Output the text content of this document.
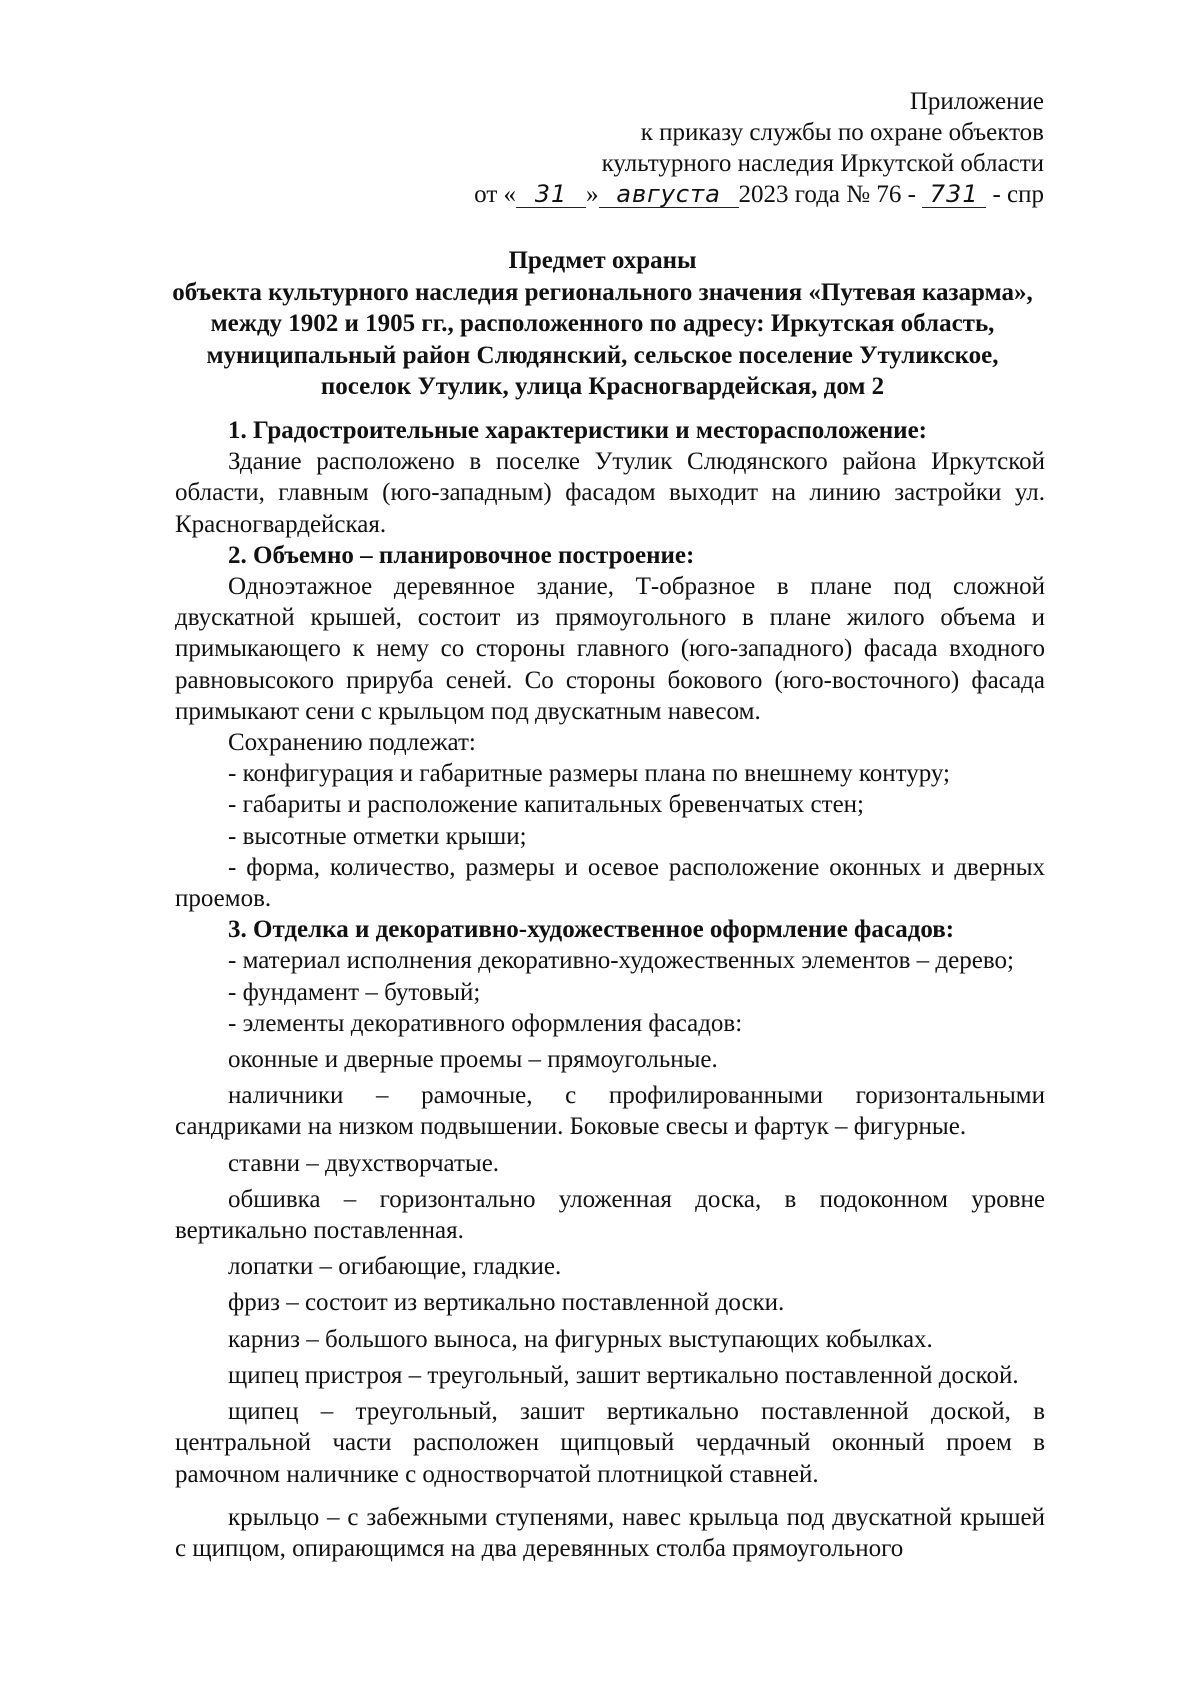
Приложение
к приказу службы по охране объектов
культурного наследия Иркутской области
от « 31 » августа 2023 года № 76 - 731 - спр
Предмет охраны
объекта культурного наследия регионального значения «Путевая казарма», между 1902 и 1905 гг., расположенного по адресу: Иркутская область, муниципальный район Слюдянский, сельское поселение Утуликское, поселок Утулик, улица Красногвардейская, дом 2

1. Градостроительные характеристики и месторасположение:

Здание расположено в поселке Утулик Слюдянского района Иркутской области, главным (юго-западным) фасадом выходит на линию застройки ул. Красногвардейская.

2. Объемно – планировочное построение:

Одноэтажное деревянное здание, Т-образное в плане под сложной двускатной крышей, состоит из прямоугольного в плане жилого объема и примыкающего к нему со стороны главного (юго-западного) фасада входного равновысокого прируба сеней. Со стороны бокового (юго-восточного) фасада примыкают сени с крыльцом под двускатным навесом.

Сохранению подлежат:

- конфигурация и габаритные размеры плана по внешнему контуру;

- габариты и расположение капитальных бревенчатых стен;

- высотные отметки крыши;

- форма, количество, размеры и осевое расположение оконных и дверных проемов.

3. Отделка и декоративно-художественное оформление фасадов:

- материал исполнения декоративно-художественных элементов – дерево;

- фундамент – бутовый;

- элементы декоративного оформления фасадов:

оконные и дверные проемы – прямоугольные.

наличники – рамочные, с профилированными горизонтальными сандриками на низком подвышении. Боковые свесы и фартук – фигурные.

ставни – двухстворчатые.

обшивка – горизонтально уложенная доска, в подоконном уровне вертикально поставленная.

лопатки – огибающие, гладкие.

фриз – состоит из вертикально поставленной доски.

карниз – большого выноса, на фигурных выступающих кобылках.

щипец пристроя – треугольный, зашит вертикально поставленной доской.

щипец – треугольный, зашит вертикально поставленной доской, в центральной части расположен щипцовый чердачный оконный проем в рамочном наличнике с одностворчатой плотницкой ставней.

крыльцо – с забежными ступенями, навес крыльца под двускатной крышей с щипцом, опирающимся на два деревянных столба прямоугольного
